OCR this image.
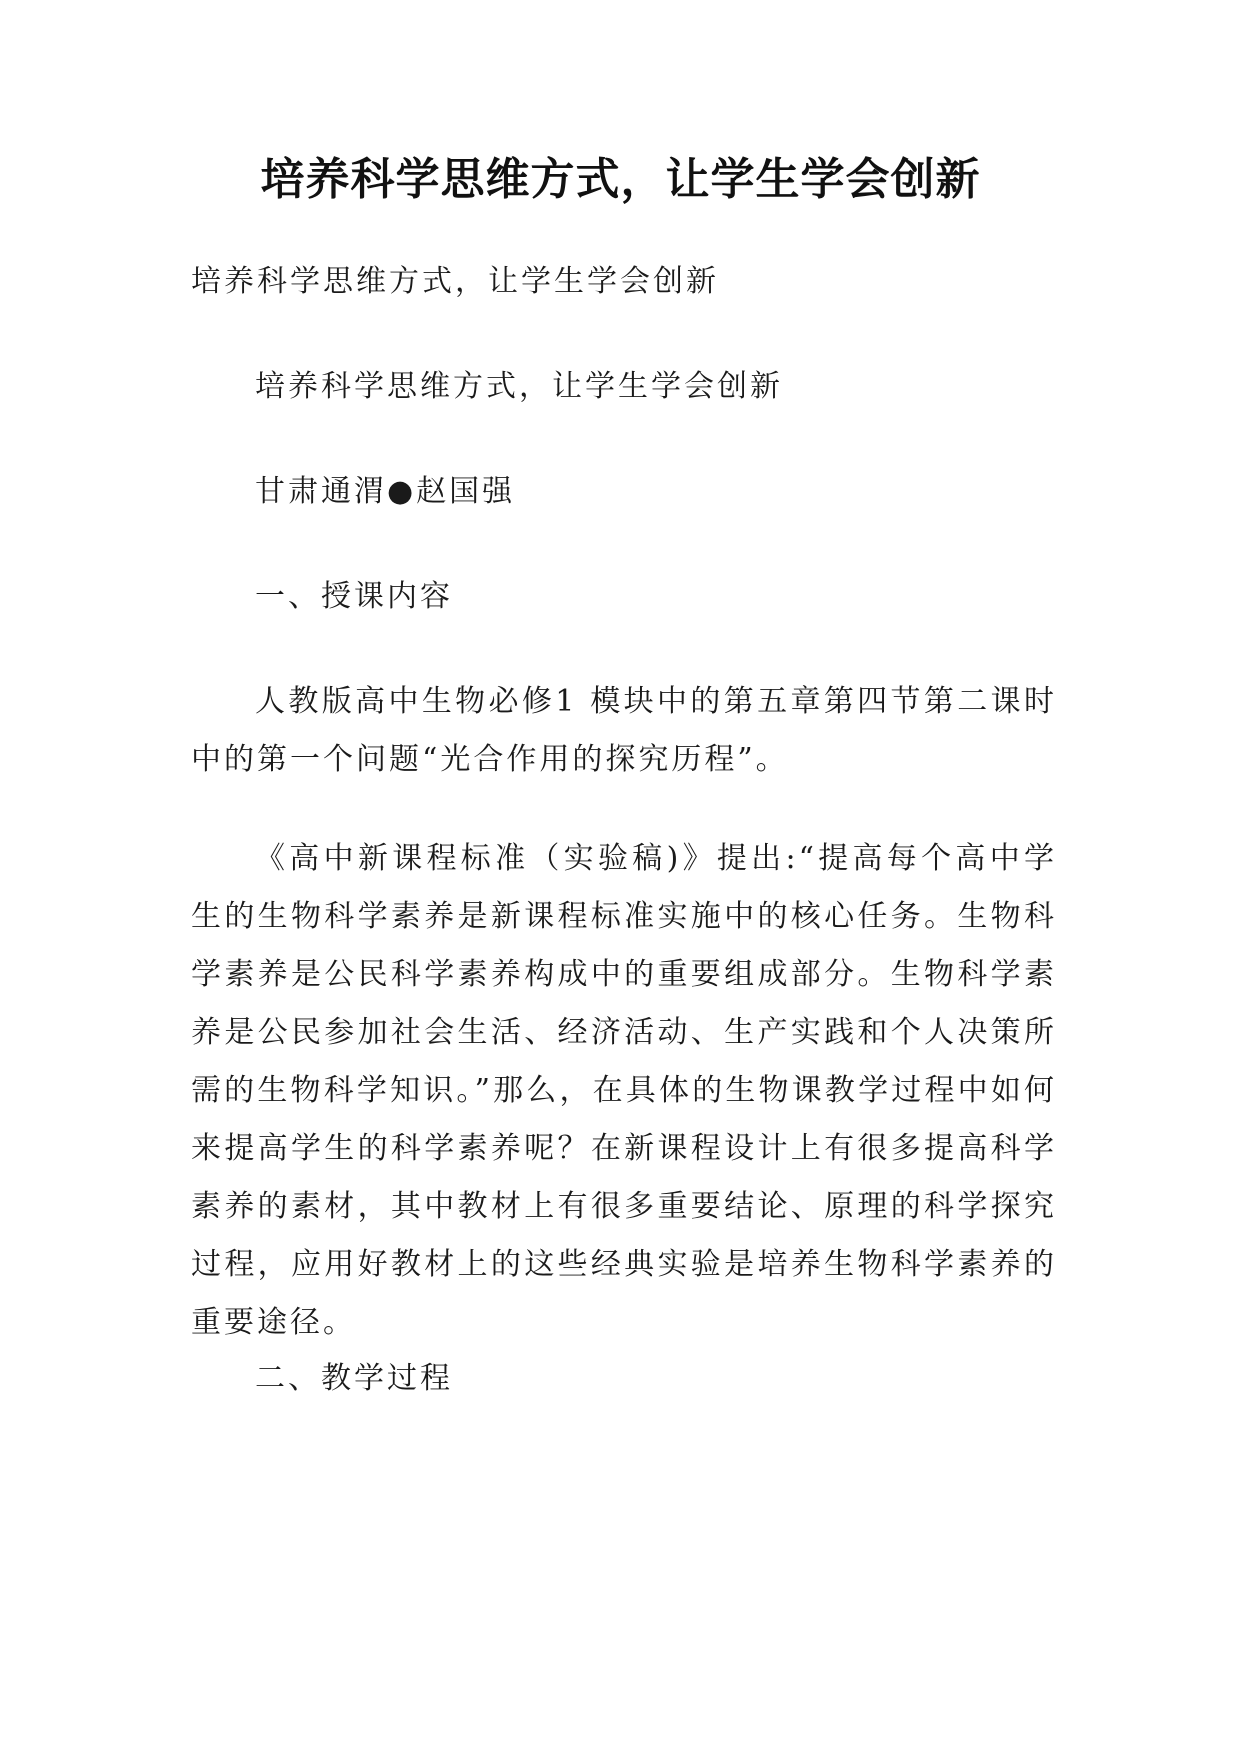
培养科学思维方式，让学生学会创新

培养科学思维方式，让学生学会创新

培养科学思维方式，让学生学会创新

甘肃通渭●赵国强

一、授课内容

人教版高中生物必修1 模块中的第五章第四节第二课时中的第一个问题“光合作用的探究历程”。

《高中新课程标准（实验稿)》提出:“提高每个高中学生的生物科学素养是新课程标准实施中的核心任务。生物科学素养是公民科学素养构成中的重要组成部分。生物科学素养是公民参加社会生活、经济活动、生产实践和个人决策所需的生物科学知识。”那么，在具体的生物课教学过程中如何来提高学生的科学素养呢？在新课程设计上有很多提高科学素养的素材，其中教材上有很多重要结论、原理的科学探究过程，应用好教材上的这些经典实验是培养生物科学素养的重要途径。

二、教学过程
